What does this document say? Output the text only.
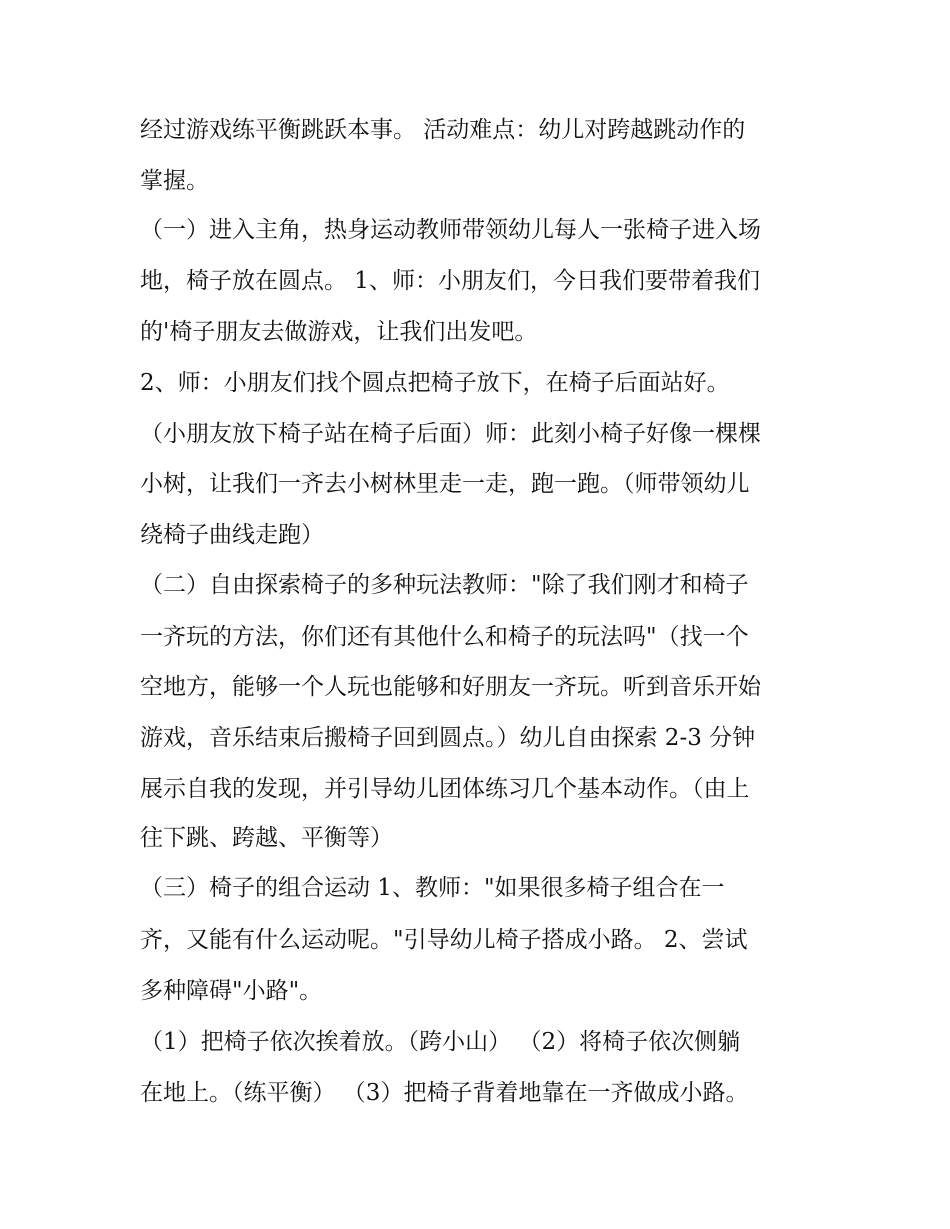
经过游戏练平衡跳跃本事。 活动难点：幼儿对跨越跳动作的

掌握。

（一）进入主角，热身运动教师带领幼儿每人一张椅子进入场

地，椅子放在圆点。 1、师：小朋友们，今日我们要带着我们

的'椅子朋友去做游戏，让我们出发吧。

2、师：小朋友们找个圆点把椅子放下，在椅子后面站好。

（小朋友放下椅子站在椅子后面）师：此刻小椅子好像一棵棵

小树，让我们一齐去小树林里走一走，跑一跑。（师带领幼儿

绕椅子曲线走跑）

（二）自由探索椅子的多种玩法教师："除了我们刚才和椅子

一齐玩的方法，你们还有其他什么和椅子的玩法吗"（找一个

空地方，能够一个人玩也能够和好朋友一齐玩。听到音乐开始

游戏，音乐结束后搬椅子回到圆点。）幼儿自由探索 2-3 分钟

展示自我的发现，并引导幼儿团体练习几个基本动作。（由上

往下跳、跨越、平衡等）

（三）椅子的组合运动 1、教师："如果很多椅子组合在一

齐，又能有什么运动呢。"引导幼儿椅子搭成小路。 2、尝试

多种障碍"小路"。

（1）把椅子依次挨着放。（跨小山） （2）将椅子依次侧躺

在地上。（练平衡） （3）把椅子背着地靠在一齐做成小路。
